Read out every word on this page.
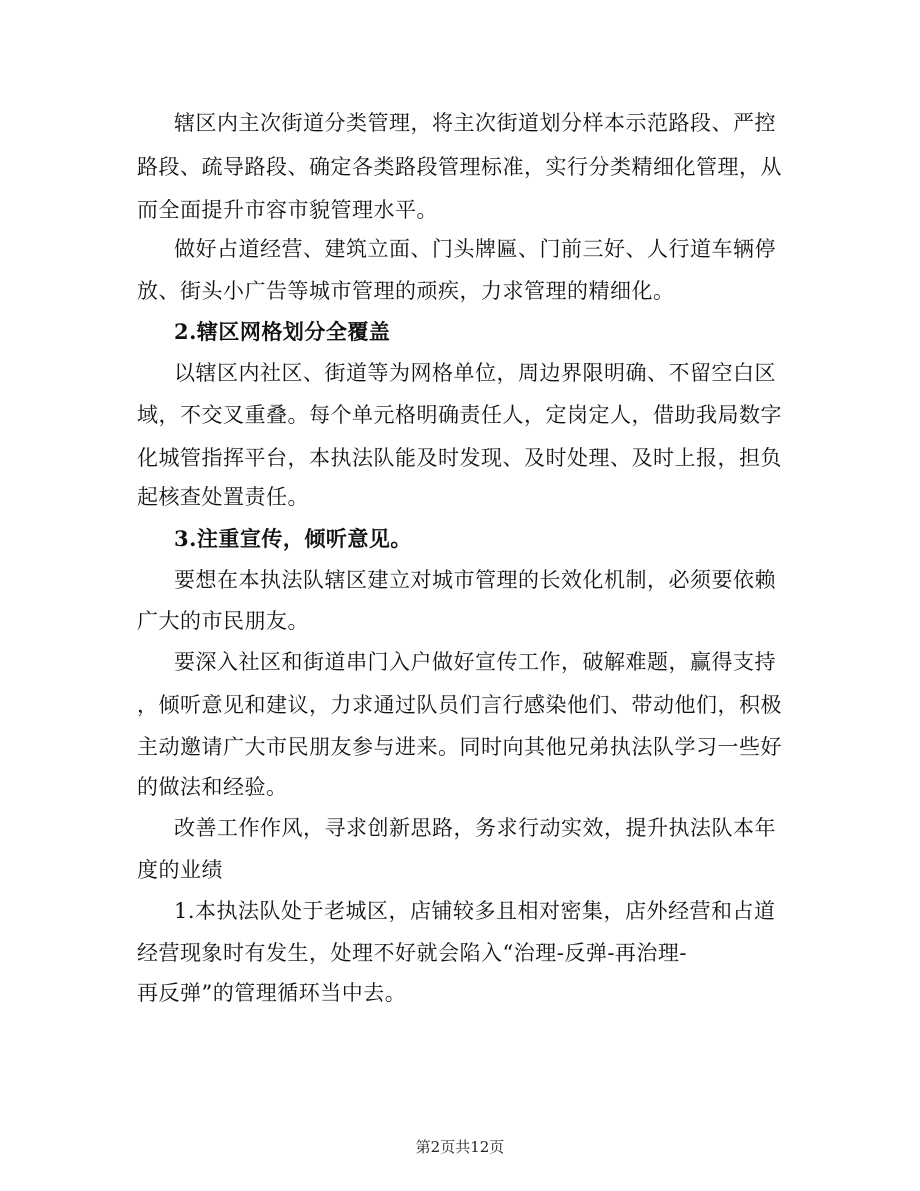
辖区内主次街道分类管理，将主次街道划分样本示范路段、严控
路段、疏导路段、确定各类路段管理标准，实行分类精细化管理，从
而全面提升市容市貌管理水平。
做好占道经营、建筑立面、门头牌匾、门前三好、人行道车辆停
放、街头小广告等城市管理的顽疾，力求管理的精细化。
2.辖区网格划分全覆盖
以辖区内社区、街道等为网格单位，周边界限明确、不留空白区
域，不交叉重叠。每个单元格明确责任人，定岗定人，借助我局数字
化城管指挥平台，本执法队能及时发现、及时处理、及时上报，担负
起核查处置责任。
3.注重宣传，倾听意见。
要想在本执法队辖区建立对城市管理的长效化机制，必须要依赖
广大的市民朋友。
要深入社区和街道串门入户做好宣传工作，破解难题，赢得支持
，倾听意见和建议，力求通过队员们言行感染他们、带动他们，积极
主动邀请广大市民朋友参与进来。同时向其他兄弟执法队学习一些好
的做法和经验。
改善工作作风，寻求创新思路，务求行动实效，提升执法队本年
度的业绩
1.本执法队处于老城区，店铺较多且相对密集，店外经营和占道
经营现象时有发生，处理不好就会陷入“治理-反弹-再治理-
再反弹”的管理循环当中去。
第2页共12页
